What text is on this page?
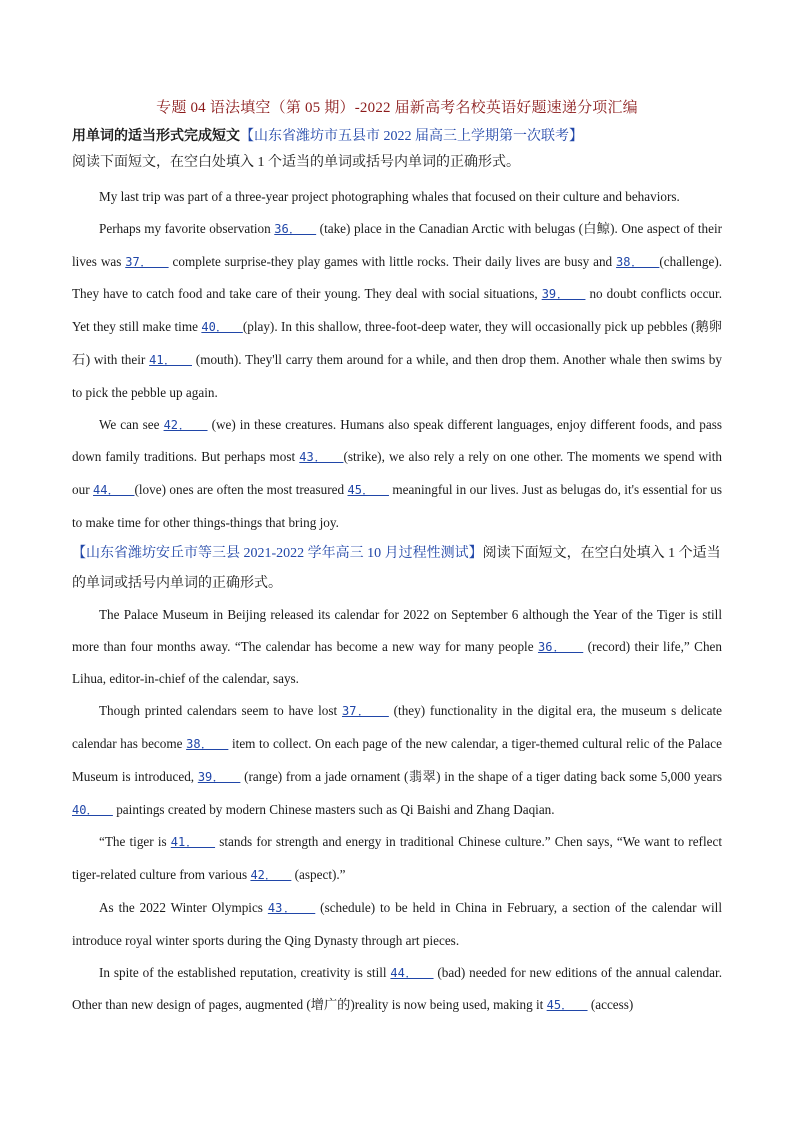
专题 04 语法填空（第 05 期）-2022 届新高考名校英语好题速递分项汇编
用单词的适当形式完成短文【山东省潍坊市五县市 2022 届高三上学期第一次联考】
阅读下面短文，在空白处填入 1 个适当的单词或括号内单词的正确形式。

My last trip was part of a three-year project photographing whales that focused on their culture and behaviors.

Perhaps my favorite observation 36．   (take) place in the Canadian Arctic with belugas (白鲸). One aspect of their lives was 37．   complete surprise-they play games with little rocks. Their daily lives are busy and 38．  (challenge). They have to catch food and take care of their young. They deal with social situations, 39．   no doubt conflicts occur. Yet they still make time 40．  (play). In this shallow, three-foot-deep water, they will occasionally pick up pebbles (鹅卵石) with their 41．   (mouth). They'll carry them around for a while, and then drop them. Another whale then swims by to pick the pebble up again.

We can see 42．   (we) in these creatures. Humans also speak different languages, enjoy different foods, and pass down family traditions. But perhaps most 43．  (strike), we also rely a rely on one other. The moments we spend with our 44．  (love) ones are often the most treasured 45．   meaningful in our lives. Just as belugas do, it's essential for us to make time for other things-things that bring joy.

【山东省潍坊安丘市等三县 2021-2022 学年高三 10 月过程性测试】阅读下面短文，在空白处填入 1 个适当的单词或括号内单词的正确形式。

The Palace Museum in Beijing released its calendar for 2022 on September 6 although the Year of the Tiger is still more than four months away. “The calendar has become a new way for many people 36．   (record) their life,” Chen Lihua, editor-in-chief of the calendar, says.

Though printed calendars seem to have lost 37．   (they) functionality in the digital era, the museum s delicate calendar has become 38．   item to collect. On each page of the new calendar, a tiger-themed cultural relic of the Palace Museum is introduced, 39．   (range) from a jade ornament (翡翠) in the shape of a tiger dating back some 5,000 years 40．   paintings created by modern Chinese masters such as Qi Baishi and Zhang Daqian.

“The tiger is 41．   stands for strength and energy in traditional Chinese culture.” Chen says, “We want to reflect tiger-related culture from various 42．   (aspect).”

As the 2022 Winter Olympics 43．   (schedule) to be held in China in February, a section of the calendar will introduce royal winter sports during the Qing Dynasty through art pieces.

In spite of the established reputation, creativity is still 44．   (bad) needed for new editions of the annual calendar. Other than new design of pages, augmented (增广的)reality is now being used, making it 45．   (access)
